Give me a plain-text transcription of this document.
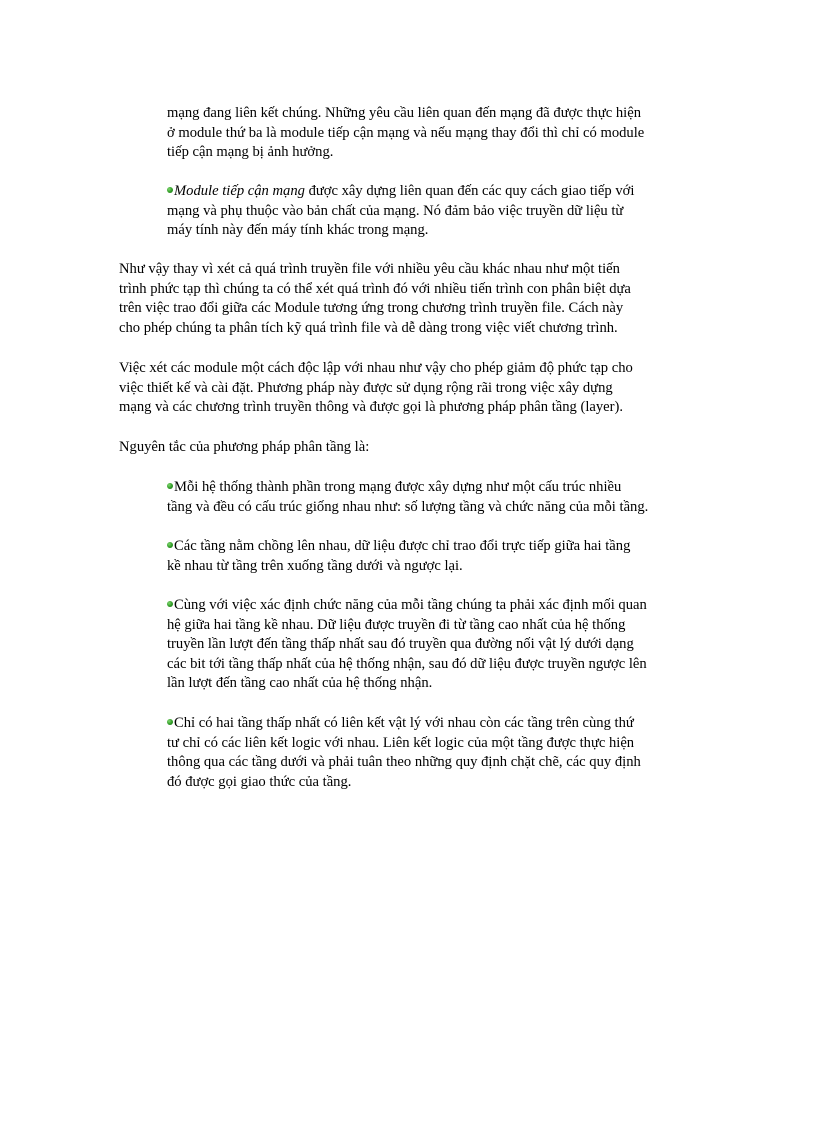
mạng đang liên kết chúng. Những yêu cầu liên quan đến mạng đã được thực hiện
ở module thứ ba là module tiếp cận mạng và nếu mạng thay đổi thì chỉ có module
tiếp cận mạng bị ảnh hưởng.
Module tiếp cận mạng được xây dựng liên quan đến các quy cách giao tiếp với
mạng và phụ thuộc vào bản chất của mạng. Nó đảm bảo việc truyền dữ liệu từ
máy tính này đến máy tính khác trong mạng.
Như vậy thay vì xét cả quá trình truyền file với nhiều yêu cầu khác nhau như một tiến
trình phức tạp thì chúng ta có thể xét quá trình đó với nhiều tiến trình con phân biệt dựa
trên việc trao đổi giữa các Module tương ứng trong chương trình truyền file. Cách này
cho phép chúng ta phân tích kỹ quá trình file và dễ dàng trong việc viết chương trình.
Việc xét các module một cách độc lập với nhau như vậy cho phép giảm độ phức tạp cho
việc thiết kế và cài đặt. Phương pháp này được sử dụng rộng rãi trong việc xây dựng
mạng và các chương trình truyền thông và được gọi là phương pháp phân tầng (layer).
Nguyên tắc của phương pháp phân tầng là:
Mỗi hệ thống thành phần trong mạng được xây dựng như một cấu trúc nhiều
tầng và đều có cấu trúc giống nhau như: số lượng tầng và chức năng của mỗi tầng.
Các tầng nằm chồng lên nhau, dữ liệu được chỉ trao đổi trực tiếp giữa hai tầng
kề nhau từ tầng trên xuống tầng dưới và ngược lại.
Cùng với việc xác định chức năng của mỗi tầng chúng ta phải xác định mối quan
hệ giữa hai tầng kề nhau. Dữ liệu được truyền đi từ tầng cao nhất của hệ thống
truyền lần lượt đến tầng thấp nhất sau đó truyền qua đường nối vật lý dưới dạng
các bit tới tầng thấp nhất của hệ thống nhận, sau đó dữ liệu được truyền ngược lên
lần lượt đến tầng cao nhất của hệ thống nhận.
Chỉ có hai tầng thấp nhất có liên kết vật lý với nhau còn các tầng trên cùng thứ
tư chỉ có các liên kết logic với nhau. Liên kết logic của một tầng được thực hiện
thông qua các tầng dưới và phải tuân theo những quy định chặt chẽ, các quy định
đó được gọi giao thức của tầng.
